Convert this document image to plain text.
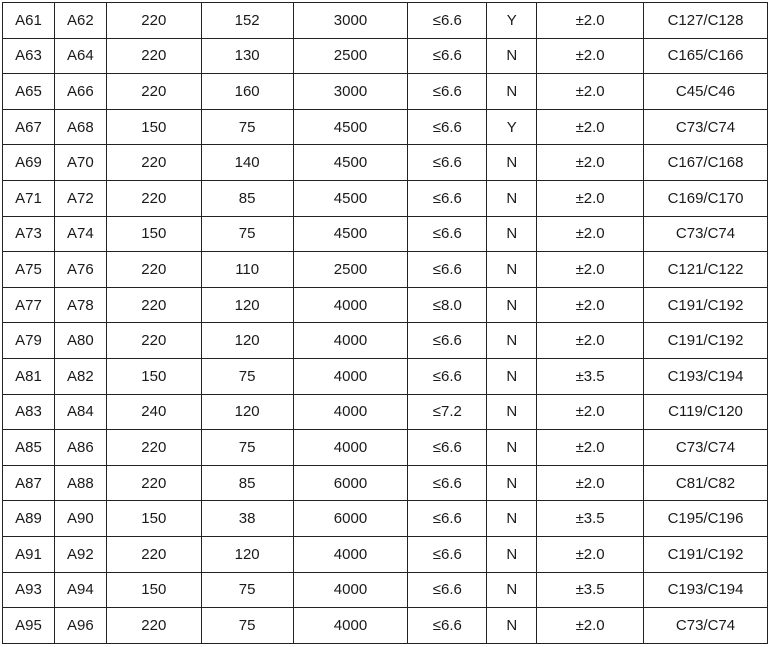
A61	A62	220	152	3000	≤6.6	Y	±2.0	C127/C128
A63	A64	220	130	2500	≤6.6	N	±2.0	C165/C166
A65	A66	220	160	3000	≤6.6	N	±2.0	C45/C46
A67	A68	150	75	4500	≤6.6	Y	±2.0	C73/C74
A69	A70	220	140	4500	≤6.6	N	±2.0	C167/C168
A71	A72	220	85	4500	≤6.6	N	±2.0	C169/C170
A73	A74	150	75	4500	≤6.6	N	±2.0	C73/C74
A75	A76	220	110	2500	≤6.6	N	±2.0	C121/C122
A77	A78	220	120	4000	≤8.0	N	±2.0	C191/C192
A79	A80	220	120	4000	≤6.6	N	±2.0	C191/C192
A81	A82	150	75	4000	≤6.6	N	±3.5	C193/C194
A83	A84	240	120	4000	≤7.2	N	±2.0	C119/C120
A85	A86	220	75	4000	≤6.6	N	±2.0	C73/C74
A87	A88	220	85	6000	≤6.6	N	±2.0	C81/C82
A89	A90	150	38	6000	≤6.6	N	±3.5	C195/C196
A91	A92	220	120	4000	≤6.6	N	±2.0	C191/C192
A93	A94	150	75	4000	≤6.6	N	±3.5	C193/C194
A95	A96	220	75	4000	≤6.6	N	±2.0	C73/C74
